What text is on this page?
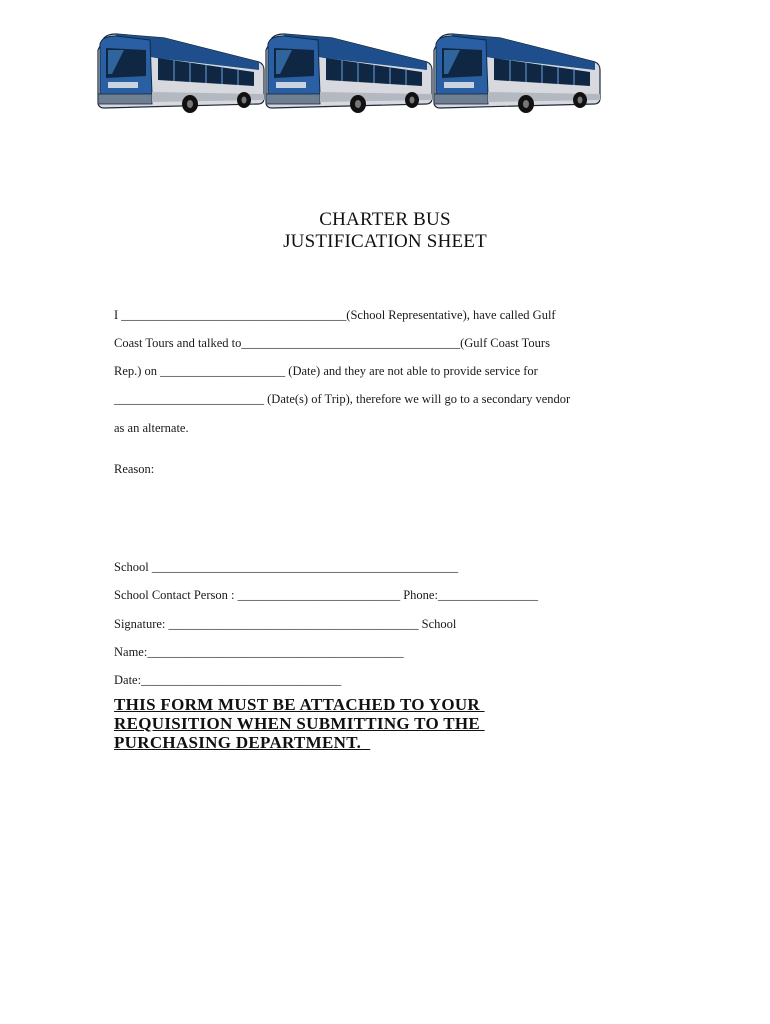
CHARTER BUS
JUSTIFICATION SHEET
I ____________________________________(School Representative), have called Gulf
Coast Tours and talked to___________________________________(Gulf Coast Tours
Rep.) on ____________________ (Date) and they are not able to provide service for
________________________ (Date(s) of Trip), therefore we will go to a secondary vendor
as an alternate.
Reason:
School _________________________________________________
School Contact Person : __________________________ Phone:________________
Signature: ________________________________________ School
Name:_________________________________________
Date:________________________________
THIS FORM MUST BE ATTACHED TO YOUR
REQUISITION WHEN SUBMITTING TO THE
PURCHASING DEPARTMENT.
